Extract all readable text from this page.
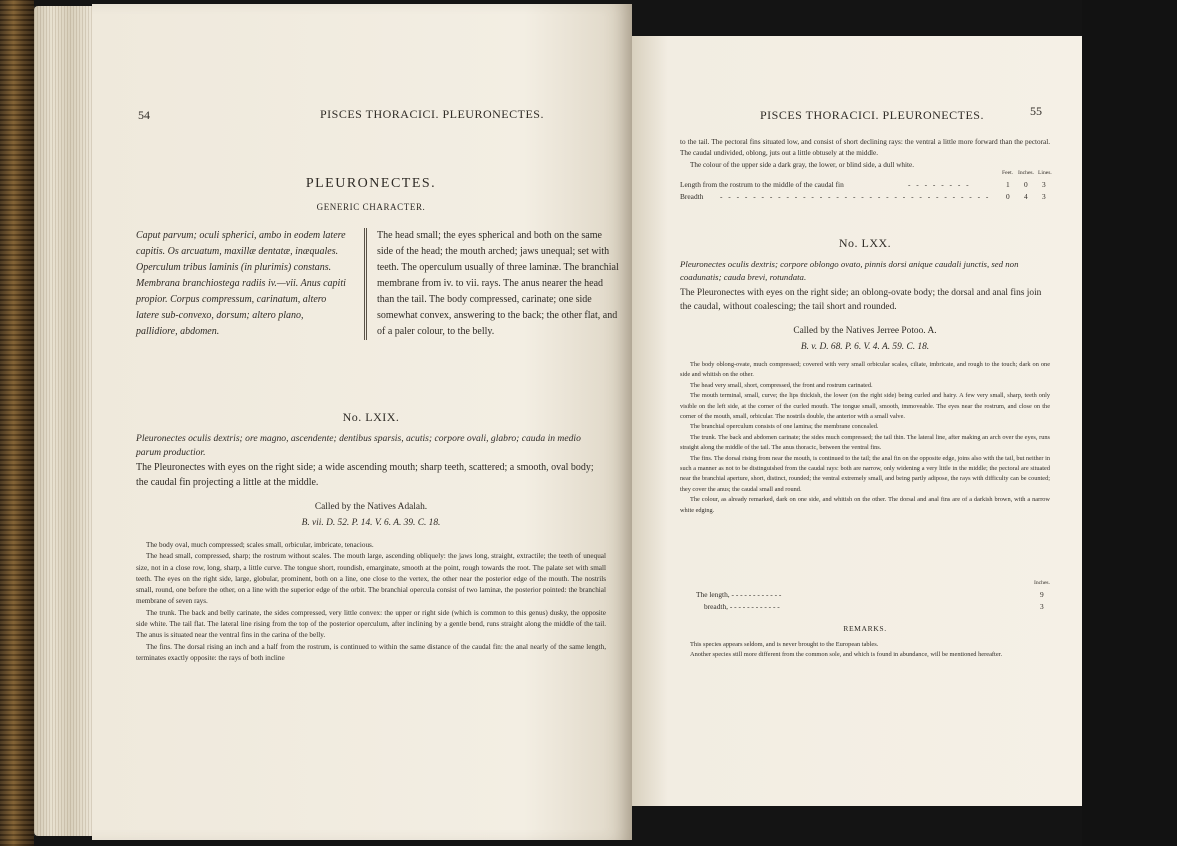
54	PISCES THORACICI. PLEURONECTES.
PLEURONECTES.
GENERIC CHARACTER.
Caput parvum; oculi spherici, ambo in eodem latere capitis. Os arcuatum, maxillæ dentatæ, inæquales. Operculum tribus laminis (in plurimis) constans. Membrana branchiostega radiis iv.—vii. Anus capiti propior. Corpus compressum, carinatum, altero latere sub-convexo, dorsum; altero plano, pallidiore, abdomen.
The head small; the eyes spherical and both on the same side of the head; the mouth arched; jaws unequal; set with teeth. The operculum usually of three laminæ. The branchial membrane from iv. to vii. rays. The anus nearer the head than the tail. The body compressed, carinate; one side somewhat convex, answering to the back; the other flat, and of a paler colour, to the belly.
No. LXIX.
Pleuronectes oculis dextris; ore magno, ascendente; dentibus sparsis, acutis; corpore ovali, glabro; cauda in medio parum productior.
The Pleuronectes with eyes on the right side; a wide ascending mouth; sharp teeth, scattered; a smooth, oval body; the caudal fin projecting a little at the middle.
Called by the Natives Adalah.
B. vii. D. 52. P. 14. V. 6. A. 39. C. 18.

The body oval, much compressed; scales small, orbicular, imbricate, tenacious.

The head small, compressed, sharp; the rostrum without scales. The mouth large, ascending obliquely: the jaws long, straight, extractile; the teeth of unequal size, not in a close row, long, sharp, a little curve. The tongue short, roundish, emarginate, smooth at the point, rough towards the root. The palate set with small teeth. The eyes on the right side, large, globular, prominent, both on a line, one close to the vertex, the other near the posterior edge of the mouth. The nostrils small, round, one before the other, on a line with the superior edge of the orbit. The branchial opercula consist of two laminæ, the posterior pointed: the branchial membrane of seven rays.

The trunk. The back and belly carinate, the sides compressed, very little convex: the upper or right side (which is common to this genus) dusky, the opposite side white. The tail flat. The lateral line rising from the top of the posterior operculum, after inclining by a gentle bend, runs straight along the middle of the tail. The anus is situated near the ventral fins in the carina of the belly.

The fins. The dorsal rising an inch and a half from the rostrum, is continued to within the same distance of the caudal fin: the anal nearly of the same length, terminates exactly opposite: the rays of both incline

PISCES THORACICI. PLEURONECTES.	55

to the tail. The pectoral fins situated low, and consist of short declining rays: the ventral a little more forward than the pectoral. The caudal undivided, oblong, juts out a little obtusely at the middle.

The colour of the upper side a dark gray, the lower, or blind side, a dull white.

Feet. Inches. Lines.
Length from the rostrum to the middle of the caudal fin	- - - - - - - -	1 0 3
Breadth - - - - - - - - - - - - - - - - - - - - - - - - - - - - - - - - - 0 4 3
No. LXX.
Pleuronectes oculis dextris; corpore oblongo ovato, pinnis dorsi anique caudali junctis, sed non coadunatis; cauda brevi, rotundata.
The Pleuronectes with eyes on the right side; an oblong-ovate body; the dorsal and anal fins join the caudal, without coalescing; the tail short and rounded.
Called by the Natives Jerree Potoo. A.
B. v. D. 68. P. 6. V. 4. A. 59. C. 18.

The body oblong-ovate, much compressed; covered with very small orbicular scales, ciliate, imbricate, and rough to the touch; dark on one side and whitish on the other.

The head very small, short, compressed, the front and rostrum carinated.

The mouth terminal, small, curve; the lips thickish, the lower (on the right side) being curled and hairy. A few very small, sharp, teeth only visible on the left side, at the corner of the curled mouth. The tongue small, smooth, immoveable. The eyes near the rostrum, and close on the corner of the mouth, small, orbicular. The nostrils double, the anterior with a small valve.

The branchial operculum consists of one lamina; the membrane concealed.

The trunk. The back and abdomen carinate; the sides much compressed; the tail thin. The lateral line, after making an arch over the eyes, runs straight along the middle of the tail. The anus thoracic, between the ventral fins.

The fins. The dorsal rising from near the mouth, is continued to the tail; the anal fin on the opposite edge, joins also with the tail, but neither in such a manner as not to be distinguished from the caudal rays: both are narrow, only widening a very little in the middle; the pectoral are situated near the branchial aperture, short, distinct, rounded; the ventral extremely small, and being partly adipose, the rays with difficulty can be counted; they cover the anus; the caudal small and round.

The colour, as already remarked, dark on one side, and whitish on the other. The dorsal and anal fins are of a darkish brown, with a narrow white edging.

Inches.
The length, - - - - - - - - - - - -	9
breadth, - - - - - - - - - - - -	3
REMARKS.

This species appears seldom, and is never brought to the European tables.

Another species still more different from the common sole, and which is found in abundance, will be mentioned hereafter.
